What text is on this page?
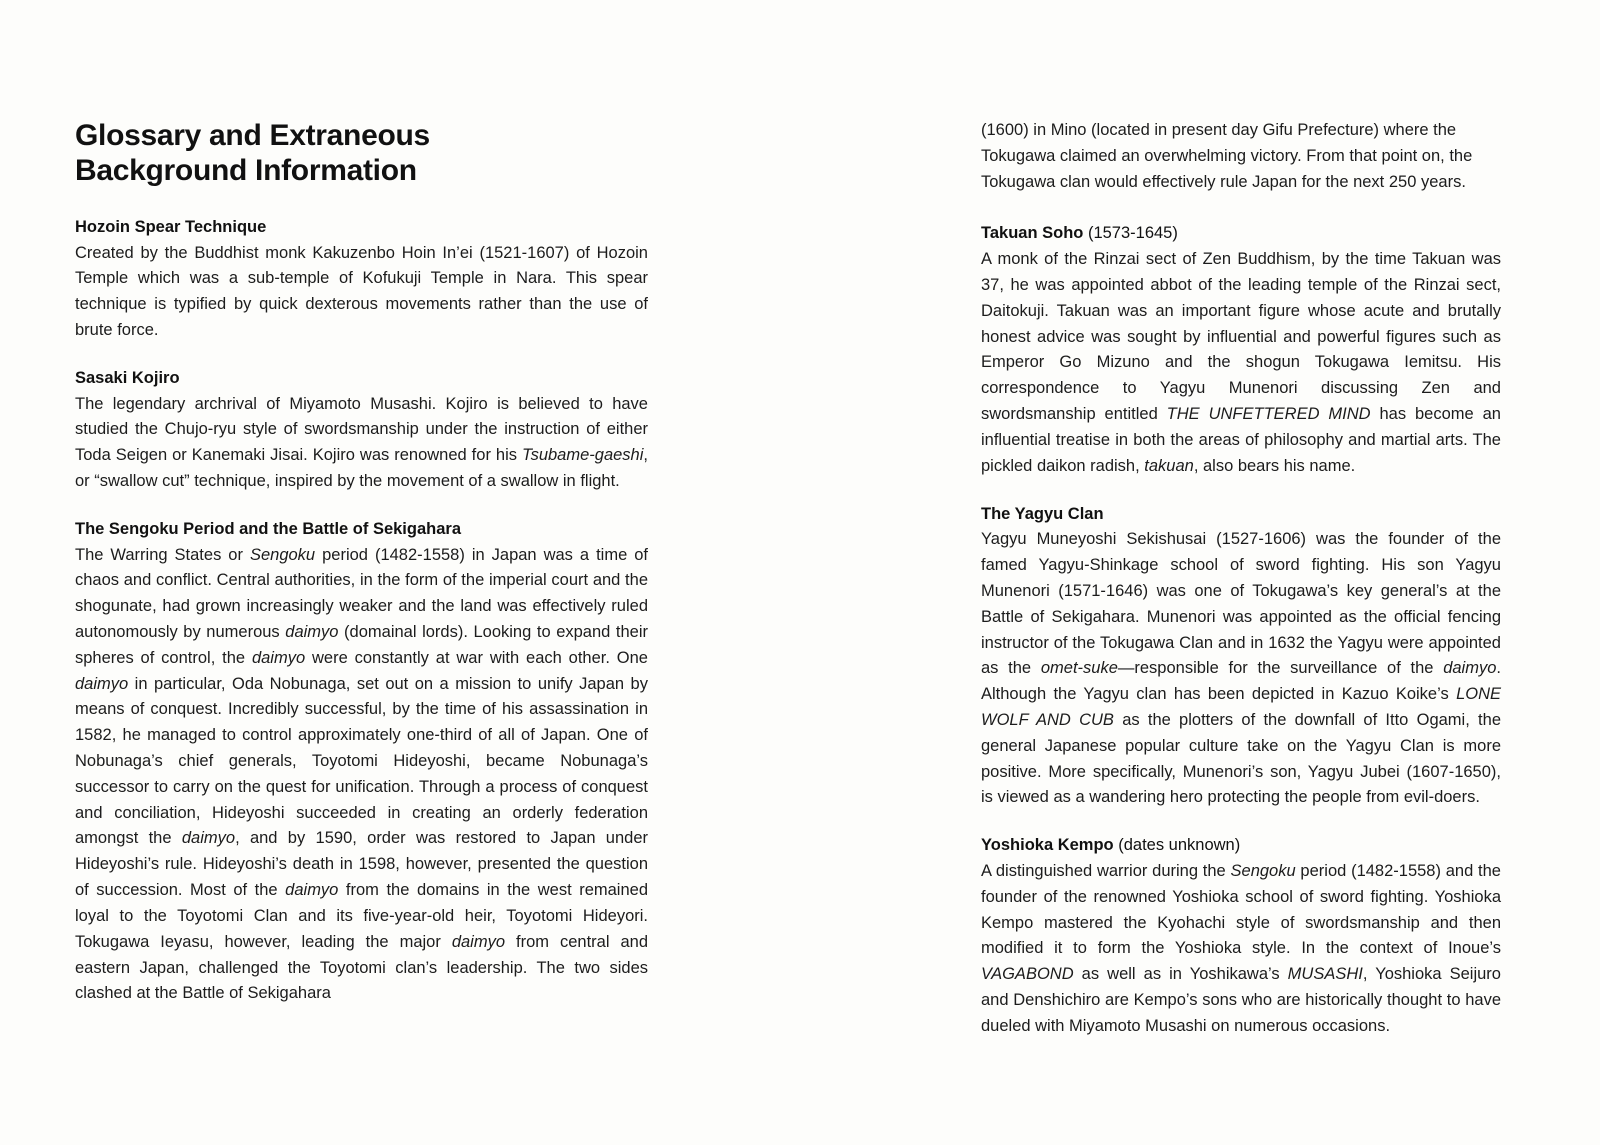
Glossary and Extraneous Background Information

Hozoin Spear Technique

Created by the Buddhist monk Kakuzenbo Hoin In’ei (1521-1607) of Hozoin Temple which was a sub-temple of Kofukuji Temple in Nara. This spear technique is typified by quick dexterous movements rather than the use of brute force.

Sasaki Kojiro

The legendary archrival of Miyamoto Musashi. Kojiro is believed to have studied the Chujo-ryu style of swordsmanship under the instruction of either Toda Seigen or Kanemaki Jisai. Kojiro was renowned for his Tsubame-gaeshi, or “swallow cut” technique, inspired by the movement of a swallow in flight.

The Sengoku Period and the Battle of Sekigahara

The Warring States or Sengoku period (1482-1558) in Japan was a time of chaos and conflict. Central authorities, in the form of the imperial court and the shogunate, had grown increasingly weaker and the land was effectively ruled autonomously by numerous daimyo (domainal lords). Looking to expand their spheres of control, the daimyo were constantly at war with each other. One daimyo in particular, Oda Nobunaga, set out on a mission to unify Japan by means of conquest. Incredibly successful, by the time of his assassination in 1582, he managed to control approximately one-third of all of Japan. One of Nobunaga’s chief generals, Toyotomi Hideyoshi, became Nobunaga’s successor to carry on the quest for unification. Through a process of conquest and conciliation, Hideyoshi succeeded in creating an orderly federation amongst the daimyo, and by 1590, order was restored to Japan under Hideyoshi’s rule. Hideyoshi’s death in 1598, however, presented the question of succession. Most of the daimyo from the domains in the west remained loyal to the Toyotomi Clan and its five-year-old heir, Toyotomi Hideyori. Tokugawa Ieyasu, however, leading the major daimyo from central and eastern Japan, challenged the Toyotomi clan’s leadership. The two sides clashed at the Battle of Sekigahara

(1600) in Mino (located in present day Gifu Prefecture) where the Tokugawa claimed an overwhelming victory. From that point on, the Tokugawa clan would effectively rule Japan for the next 250 years.

Takuan Soho (1573-1645)

A monk of the Rinzai sect of Zen Buddhism, by the time Takuan was 37, he was appointed abbot of the leading temple of the Rinzai sect, Daitokuji. Takuan was an important figure whose acute and brutally honest advice was sought by influential and powerful figures such as Emperor Go Mizuno and the shogun Tokugawa Iemitsu. His correspondence to Yagyu Munenori discussing Zen and swordsmanship entitled THE UNFETTERED MIND has become an influential treatise in both the areas of philosophy and martial arts. The pickled daikon radish, takuan, also bears his name.

The Yagyu Clan

Yagyu Muneyoshi Sekishusai (1527-1606) was the founder of the famed Yagyu-Shinkage school of sword fighting. His son Yagyu Munenori (1571-1646) was one of Tokugawa’s key general’s at the Battle of Sekigahara. Munenori was appointed as the official fencing instructor of the Tokugawa Clan and in 1632 the Yagyu were appointed as the omet-suke—responsible for the surveillance of the daimyo. Although the Yagyu clan has been depicted in Kazuo Koike’s LONE WOLF AND CUB as the plotters of the downfall of Itto Ogami, the general Japanese popular culture take on the Yagyu Clan is more positive. More specifically, Munenori’s son, Yagyu Jubei (1607-1650), is viewed as a wandering hero protecting the people from evil-doers.

Yoshioka Kempo (dates unknown)

A distinguished warrior during the Sengoku period (1482-1558) and the founder of the renowned Yoshioka school of sword fighting. Yoshioka Kempo mastered the Kyohachi style of swordsmanship and then modified it to form the Yoshioka style. In the context of Inoue’s VAGABOND as well as in Yoshikawa’s MUSASHI, Yoshioka Seijuro and Denshichiro are Kempo’s sons who are historically thought to have dueled with Miyamoto Musashi on numerous occasions.
